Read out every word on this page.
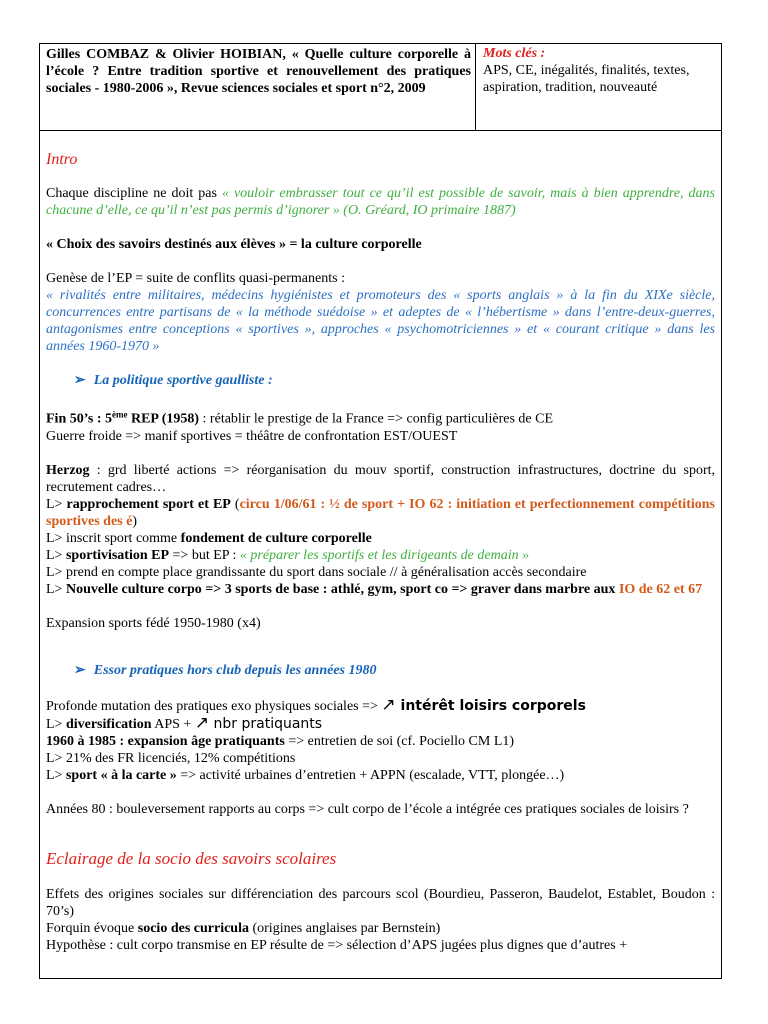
Gilles COMBAZ & Olivier HOIBIAN, « Quelle culture corporelle à l’école ? Entre tradition sportive et renouvellement des pratiques sociales - 1980-2006 », Revue sciences sociales et sport n°2, 2009
Mots clés :
APS, CE, inégalités, finalités, textes, aspiration, tradition, nouveauté
Intro

Chaque discipline ne doit pas « vouloir embrasser tout ce qu’il est possible de savoir, mais à bien apprendre, dans chacune d’elle, ce qu’il n’est pas permis d’ignorer » (O. Gréard, IO primaire 1887)

« Choix des savoirs destinés aux élèves » = la culture corporelle

Genèse de l’EP = suite de conflits quasi-permanents :
« rivalités entre militaires, médecins hygiénistes et promoteurs des « sports anglais » à la fin du XIXe siècle, concurrences entre partisans de « la méthode suédoise » et adeptes de « l’hébertisme » dans l’entre-deux-guerres, antagonismes entre conceptions « sportives », approches « psychomotriciennes » et « courant critique » dans les années 1960-1970 »

➢ La politique sportive gaulliste :

Fin 50’s : 5ème REP (1958) : rétablir le prestige de la France => config particulières de CE

Guerre froide => manif sportives = théâtre de confrontation EST/OUEST

Herzog : grd liberté actions => réorganisation du mouv sportif, construction infrastructures, doctrine du sport, recrutement cadres…

L> rapprochement sport et EP (circu 1/06/61 : ½ de sport + IO 62 : initiation et perfectionnement compétitions sportives des é)

L> inscrit sport comme fondement de culture corporelle

L> sportivisation EP => but EP : « préparer les sportifs et les dirigeants de demain »

L> prend en compte place grandissante du sport dans sociale // à généralisation accès secondaire

L> Nouvelle culture corpo => 3 sports de base : athlé, gym, sport co => graver dans marbre aux IO de 62 et 67

Expansion sports fédé 1950-1980 (x4)

➢ Essor pratiques hors club depuis les années 1980

Profonde mutation des pratiques exo physiques sociales => ↗ intérêt loisirs corporels

L> diversification APS + ↗ nbr pratiquants

1960 à 1985 : expansion âge pratiquants => entretien de soi (cf. Pociello CM L1)

L> 21% des FR licenciés, 12% compétitions

L> sport « à la carte » => activité urbaines d’entretien + APPN (escalade, VTT, plongée…)

Années 80 : bouleversement rapports au corps => cult corpo de l’école a intégrée ces pratiques sociales de loisirs ?

Eclairage de la socio des savoirs scolaires

Effets des origines sociales sur différenciation des parcours scol (Bourdieu, Passeron, Baudelot, Establet, Boudon : 70’s)

Forquin évoque socio des curricula (origines anglaises par Bernstein)

Hypothèse : cult corpo transmise en EP résulte de => sélection d’APS jugées plus dignes que d’autres +
